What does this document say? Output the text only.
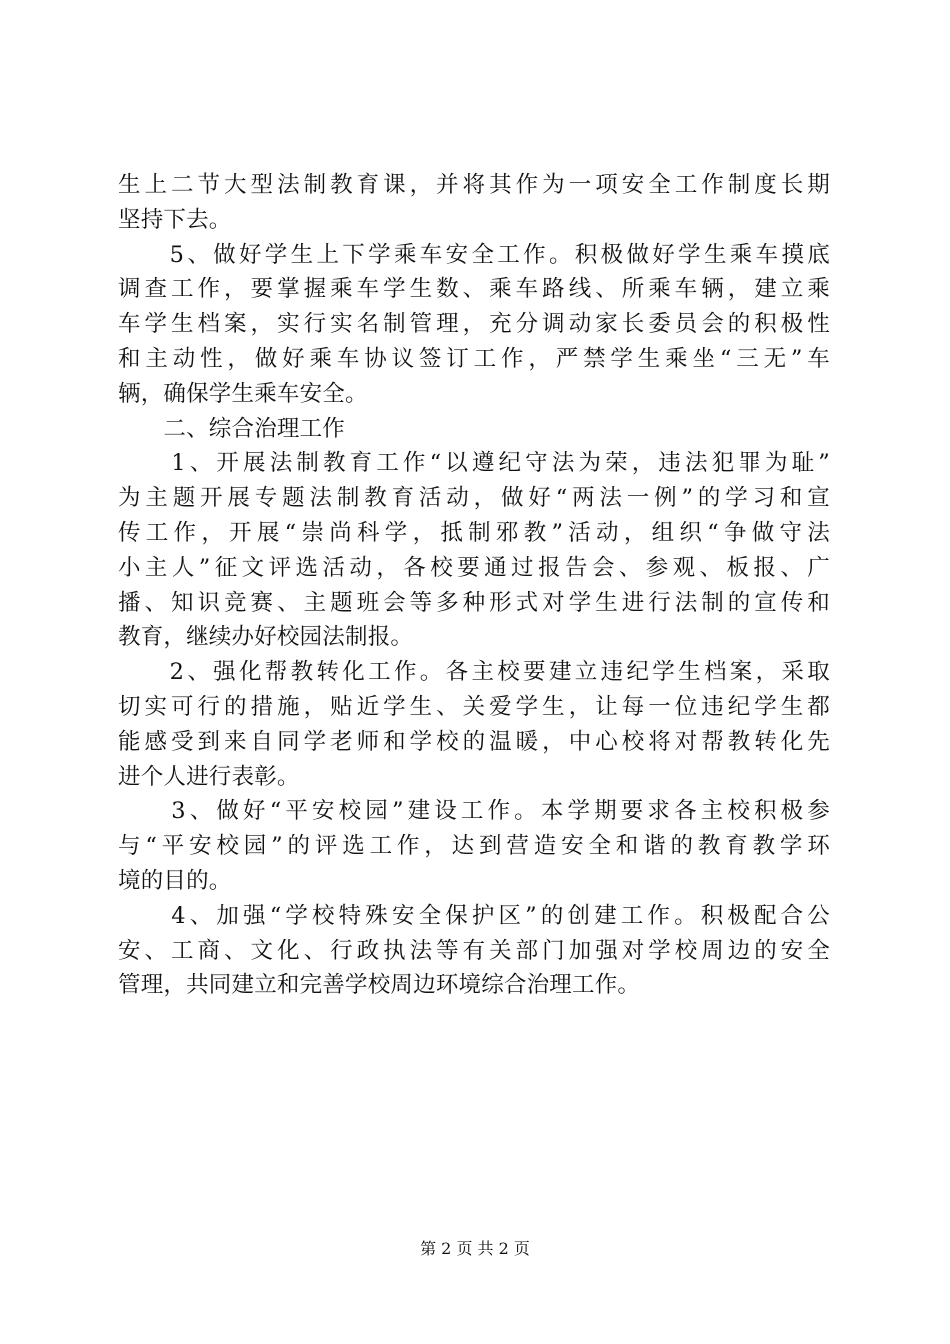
生上二节大型法制教育课，并将其作为一项安全工作制度长期
坚持下去。
　　5、做好学生上下学乘车安全工作。积极做好学生乘车摸底
调查工作，要掌握乘车学生数、乘车路线、所乘车辆，建立乘
车学生档案，实行实名制管理，充分调动家长委员会的积极性
和主动性，做好乘车协议签订工作，严禁学生乘坐“三无”车
辆，确保学生乘车安全。
　　二、综合治理工作
　　1、开展法制教育工作“以遵纪守法为荣，违法犯罪为耻”
为主题开展专题法制教育活动，做好“两法一例”的学习和宣
传工作，开展“崇尚科学，抵制邪教”活动，组织“争做守法
小主人”征文评选活动，各校要通过报告会、参观、板报、广
播、知识竞赛、主题班会等多种形式对学生进行法制的宣传和
教育，继续办好校园法制报。
　　2、强化帮教转化工作。各主校要建立违纪学生档案，采取
切实可行的措施，贴近学生、关爱学生，让每一位违纪学生都
能感受到来自同学老师和学校的温暖，中心校将对帮教转化先
进个人进行表彰。
　　3、做好“平安校园”建设工作。本学期要求各主校积极参
与“平安校园”的评选工作，达到营造安全和谐的教育教学环
境的目的。
　　4、加强“学校特殊安全保护区”的创建工作。积极配合公
安、工商、文化、行政执法等有关部门加强对学校周边的安全
管理，共同建立和完善学校周边环境综合治理工作。
第 2 页 共 2 页
